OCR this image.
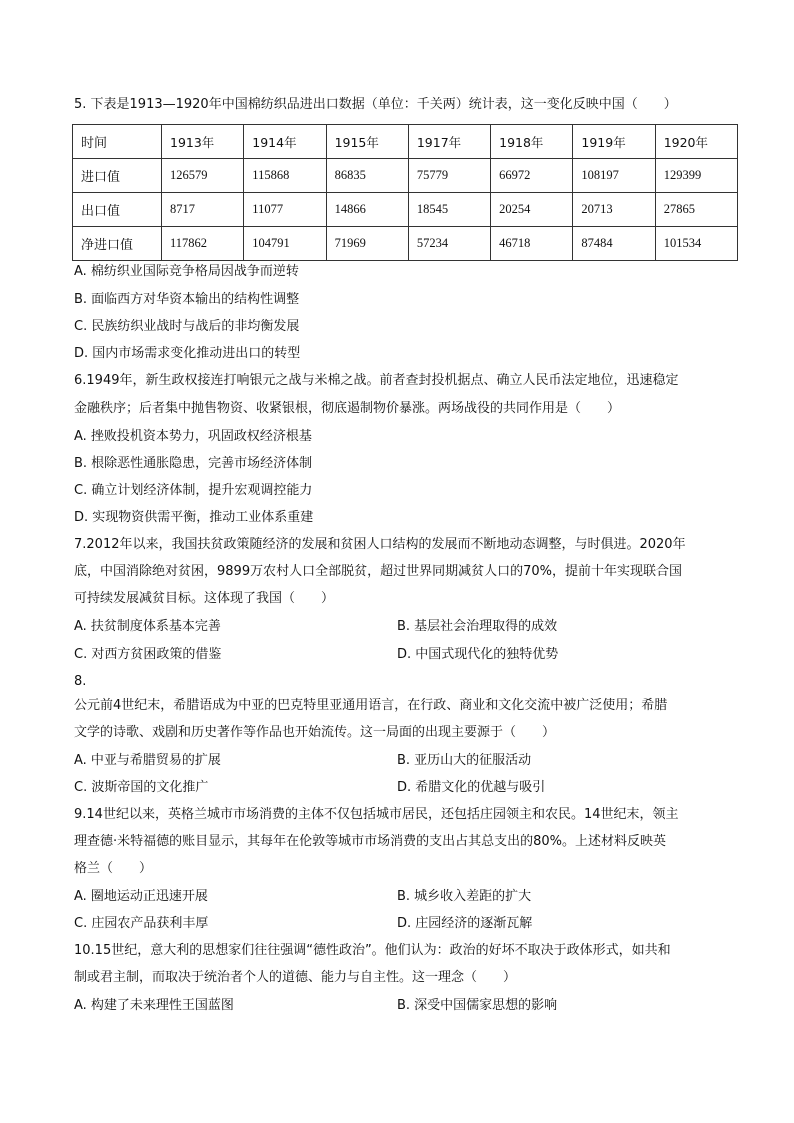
5. 下表是1913—1920年中国棉纺织品进出口数据（单位：千关两）统计表，这一变化反映中国（　　）
时间	1913年	1914年	1915年	1917年	1918年	1919年	1920年
进口值	126579	115868	86835	75779	66972	108197	129399
出口值	8717	11077	14866	18545	20254	20713	27865
净进口值	117862	104791	71969	57234	46718	87484	101534
A. 棉纺织业国际竞争格局因战争而逆转
B. 面临西方对华资本输出的结构性调整
C. 民族纺织业战时与战后的非均衡发展
D. 国内市场需求变化推动进出口的转型
6.1949年，新生政权接连打响银元之战与米棉之战。前者查封投机据点、确立人民币法定地位，迅速稳定
金融秩序；后者集中抛售物资、收紧银根，彻底遏制物价暴涨。两场战役的共同作用是（　　）
A. 挫败投机资本势力，巩固政权经济根基
B. 根除恶性通胀隐患，完善市场经济体制
C. 确立计划经济体制，提升宏观调控能力
D. 实现物资供需平衡，推动工业体系重建
7.2012年以来，我国扶贫政策随经济的发展和贫困人口结构的发展而不断地动态调整，与时俱进。2020年
底，中国消除绝对贫困，9899万农村人口全部脱贫，超过世界同期减贫人口的70%，提前十年实现联合国
可持续发展减贫目标。这体现了我国（　　）
A. 扶贫制度体系基本完善	B. 基层社会治理取得的成效
C. 对西方贫困政策的借鉴	D. 中国式现代化的独特优势
8.
公元前4世纪末，希腊语成为中亚的巴克特里亚通用语言，在行政、商业和文化交流中被广泛使用；希腊
文学的诗歌、戏剧和历史著作等作品也开始流传。这一局面的出现主要源于（　　）
A. 中亚与希腊贸易的扩展	B. 亚历山大的征服活动
C. 波斯帝国的文化推广	D. 希腊文化的优越与吸引
9.14世纪以来，英格兰城市市场消费的主体不仅包括城市居民，还包括庄园领主和农民。14世纪末，领主
理查德·米特福德的账目显示，其每年在伦敦等城市市场消费的支出占其总支出的80%。上述材料反映英
格兰（　　）
A. 圈地运动正迅速开展	B. 城乡收入差距的扩大
C. 庄园农产品获利丰厚	D. 庄园经济的逐渐瓦解
10.15世纪，意大利的思想家们往往强调“德性政治”。他们认为：政治的好坏不取决于政体形式，如共和
制或君主制，而取决于统治者个人的道德、能力与自主性。这一理念（　　）
A. 构建了未来理性王国蓝图	B. 深受中国儒家思想的影响
